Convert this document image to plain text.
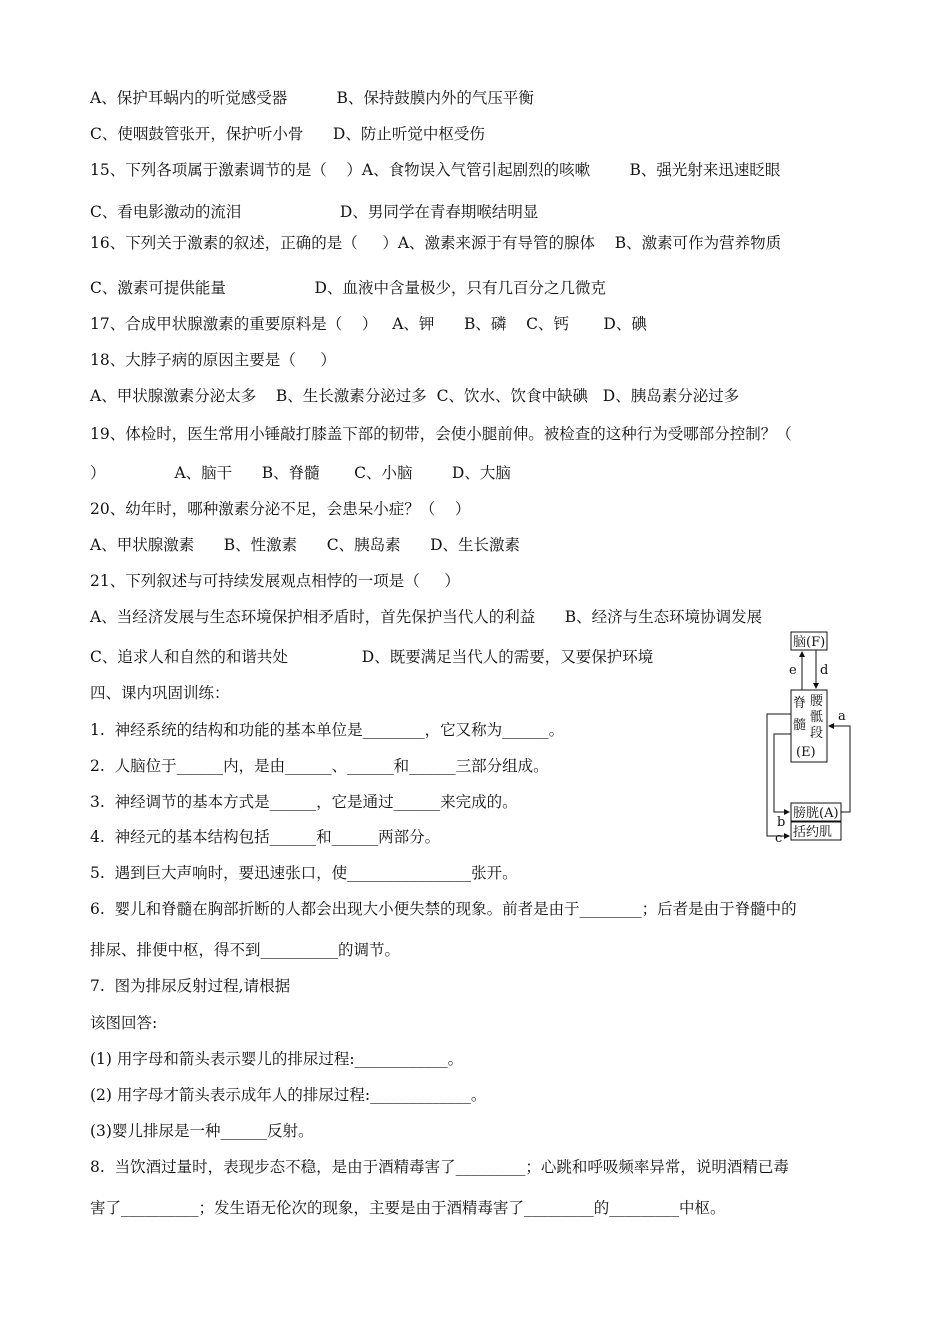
A、保护耳蜗内的听觉感受器          B、保持鼓膜内外的气压平衡
C、使咽鼓管张开，保护听小骨      D、防止听觉中枢受伤
15、下列各项属于激素调节的是（    ）A、食物误入气管引起剧烈的咳嗽        B、强光射来迅速眨眼
C、看电影激动的流泪                    D、男同学在青春期喉结明显
16、下列关于激素的叙述，正确的是（     ）A、激素来源于有导管的腺体    B、激素可作为营养物质
C、激素可提供能量                  D、血液中含量极少，只有几百分之几微克
17、合成甲状腺激素的重要原料是（    ）   A、钾      B、磷    C、钙       D、碘
18、大脖子病的原因主要是（     ）
A、甲状腺激素分泌太多    B、生长激素分泌过多  C、饮水、饮食中缺碘   D、胰岛素分泌过多
19、体检时，医生常用小锤敲打膝盖下部的韧带，会使小腿前伸。被检查的这种行为受哪部分控制？（
）              A、脑干      B、脊髓       C、小脑        D、大脑
20、幼年时，哪种激素分泌不足，会患呆小症？（    ）
A、甲状腺激素      B、性激素      C、胰岛素      D、生长激素
21、下列叙述与可持续发展观点相悖的一项是（     ）
A、当经济发展与生态环境保护相矛盾时，首先保护当代人的利益      B、经济与生态环境协调发展
C、追求人和自然的和谐共处               D、既要满足当代人的需要，又要保护环境
四、课内巩固训练：
1.  神经系统的结构和功能的基本单位是________，它又称为______。
2.  人脑位于______内，是由______、______和______三部分组成。
3.  神经调节的基本方式是______，它是通过______来完成的。
4.  神经元的基本结构包括______和______两部分。
5.  遇到巨大声响时，要迅速张口，使________________张开。
6.  婴儿和脊髓在胸部折断的人都会出现大小便失禁的现象。前者是由于________；后者是由于脊髓中的
排尿、排便中枢，得不到__________的调节。
7.  图为排尿反射过程,请根据
该图回答:
(1) 用字母和箭头表示婴儿的排尿过程:____________。
(2) 用字母才箭头表示成年人的排尿过程:_____________。
(3)婴儿排尿是一种______反射。
8.  当饮酒过量时，表现步态不稳，是由于酒精毒害了_________；心跳和呼吸频率异常，说明酒精已毒
害了__________；发生语无伦次的现象，主要是由于酒精毒害了_________的_________中枢。
脑(F)
脊
髓
腰
骶
段
(E)
膀胱(A)
括约肌
e d
a
b
c
